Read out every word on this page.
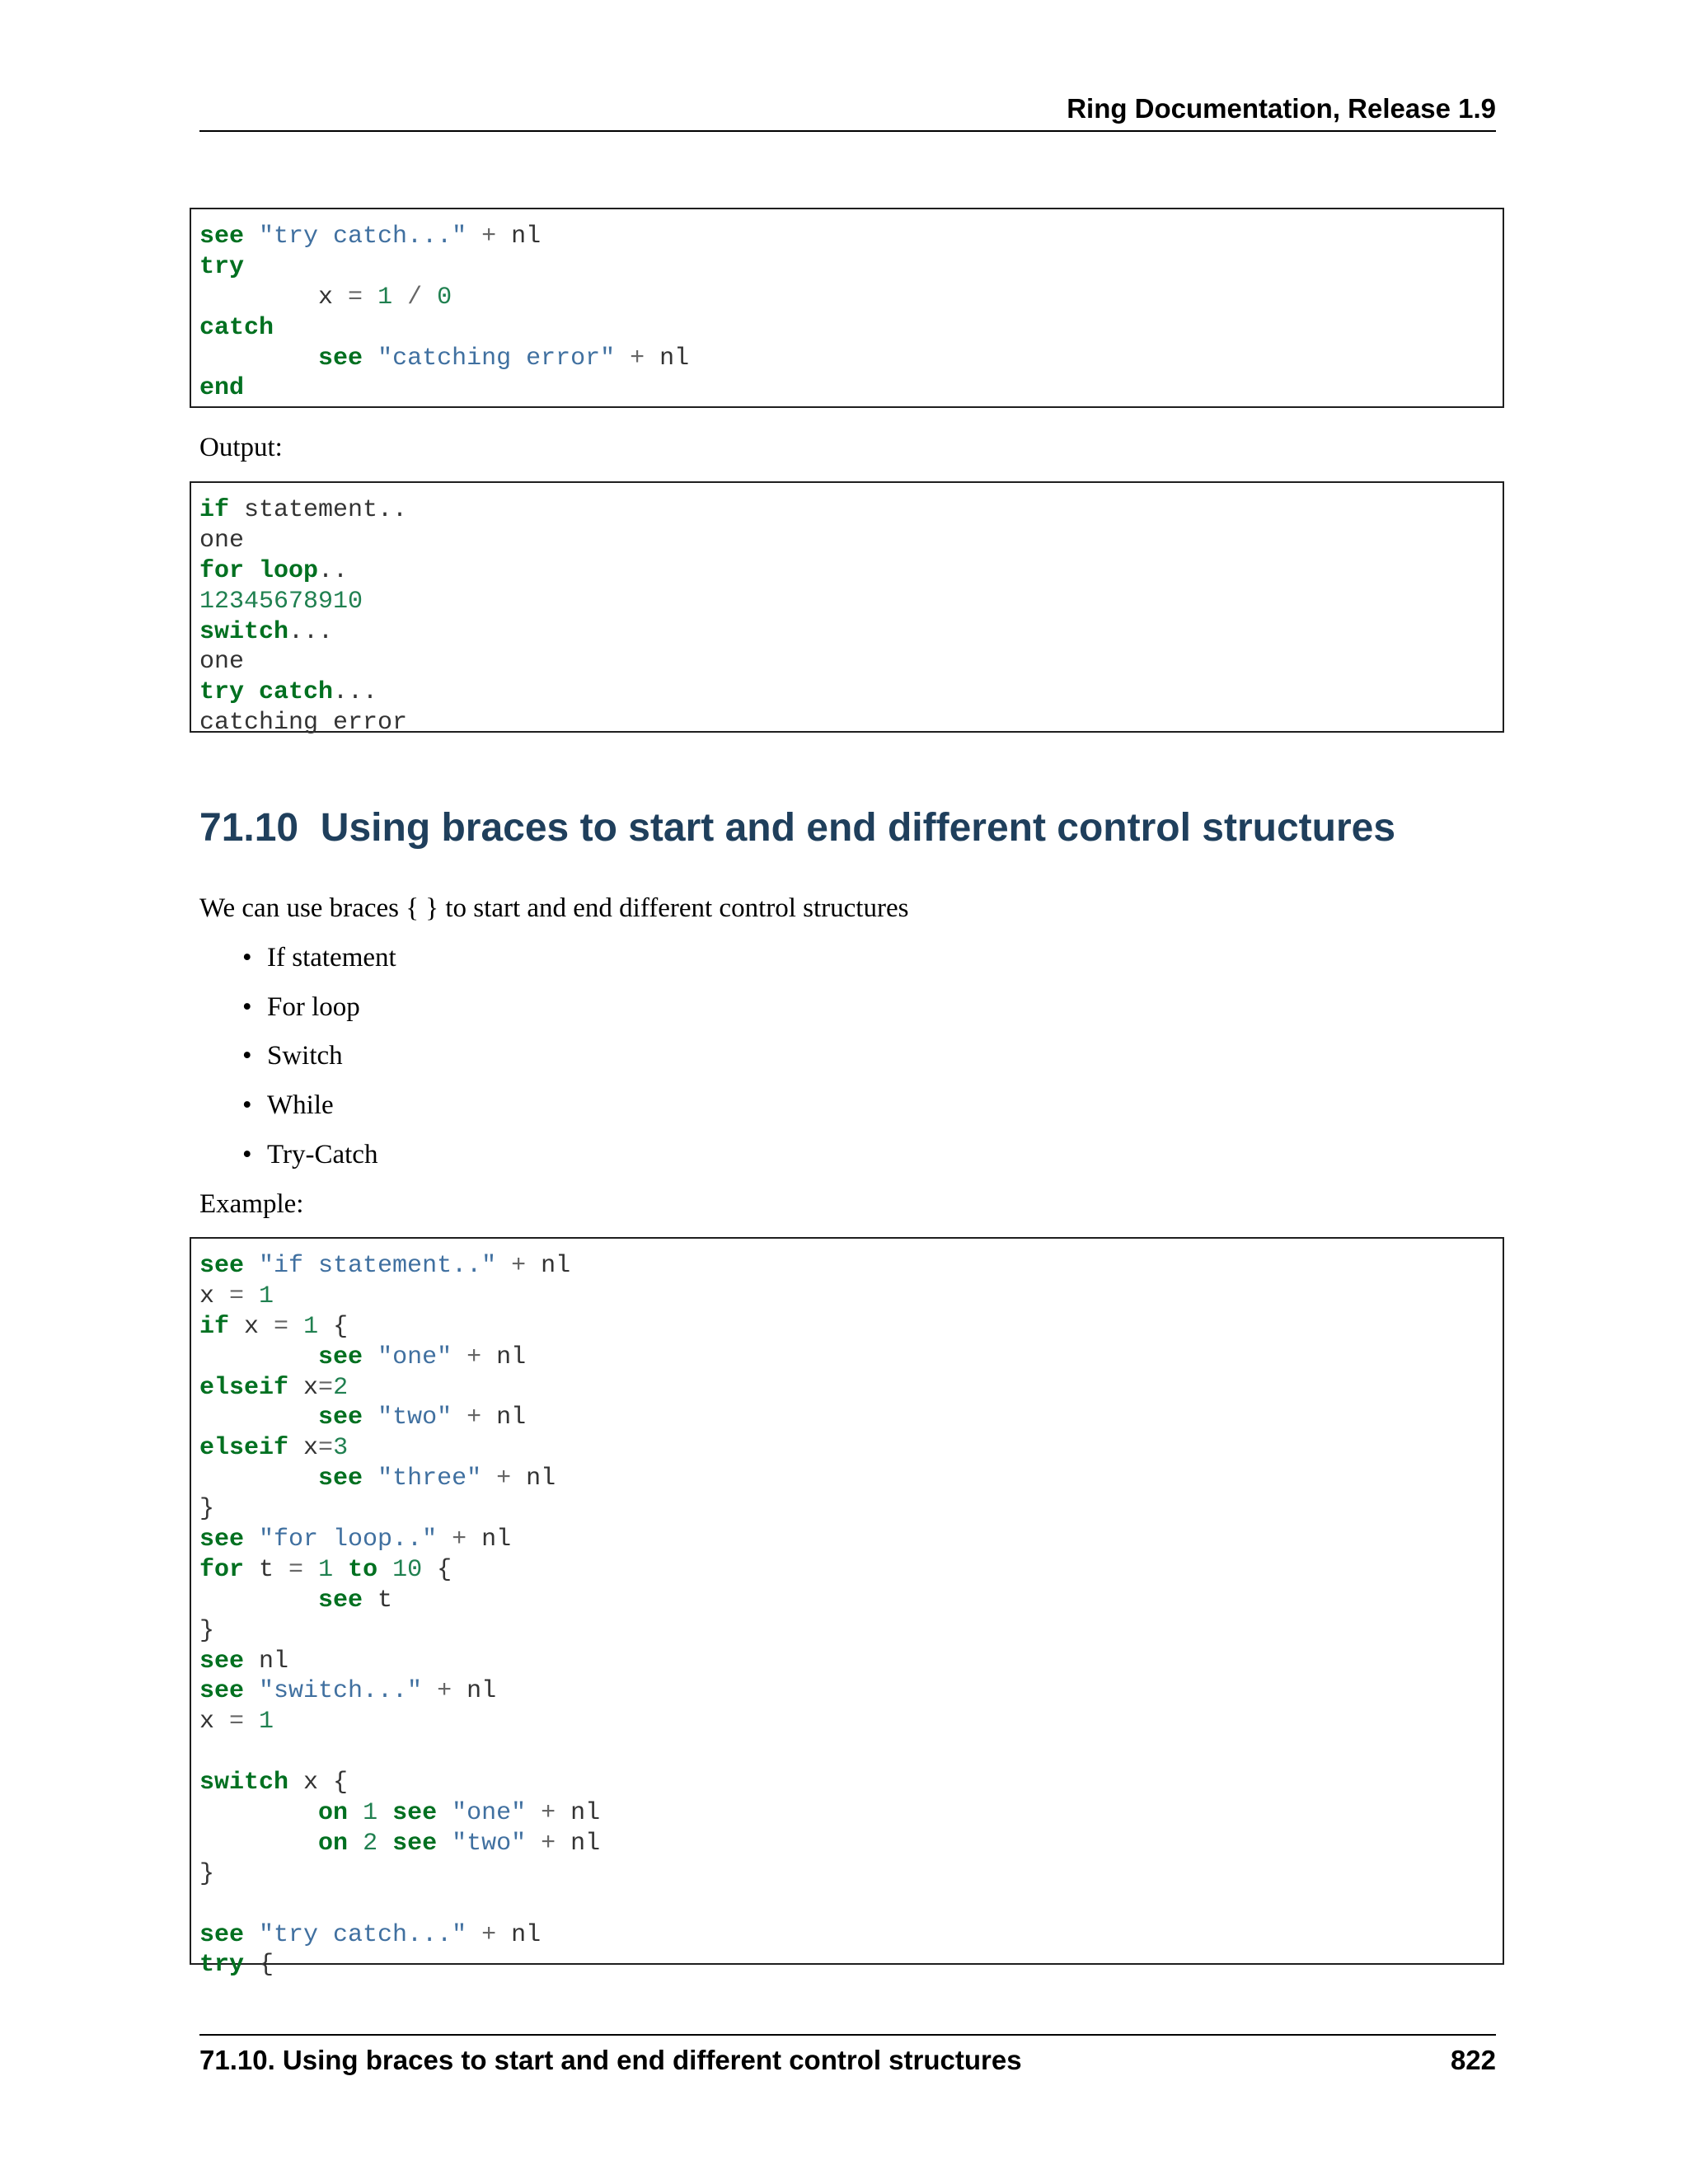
Ring Documentation, Release 1.9
see "try catch..." + nl
try
x = 1 / 0
catch
see "catching error" + nl
end
Output:
if statement..
one
for loop..
12345678910
switch...
one
try catch...
catching error
71.10 Using braces to start and end different control structures
We can use braces { } to start and end different control structures
• If statement
• For loop
• Switch
• While
• Try-Catch
Example:
see "if statement.." + nl
x = 1
if x = 1 {
see "one" + nl
elseif x=2
see "two" + nl
elseif x=3
see "three" + nl
}
see "for loop.." + nl
for t = 1 to 10 {
see t
}
see nl
see "switch..." + nl
x = 1

switch x {
on 1 see "one" + nl
on 2 see "two" + nl
}

see "try catch..." + nl
try {
71.10. Using braces to start and end different control structures	822
